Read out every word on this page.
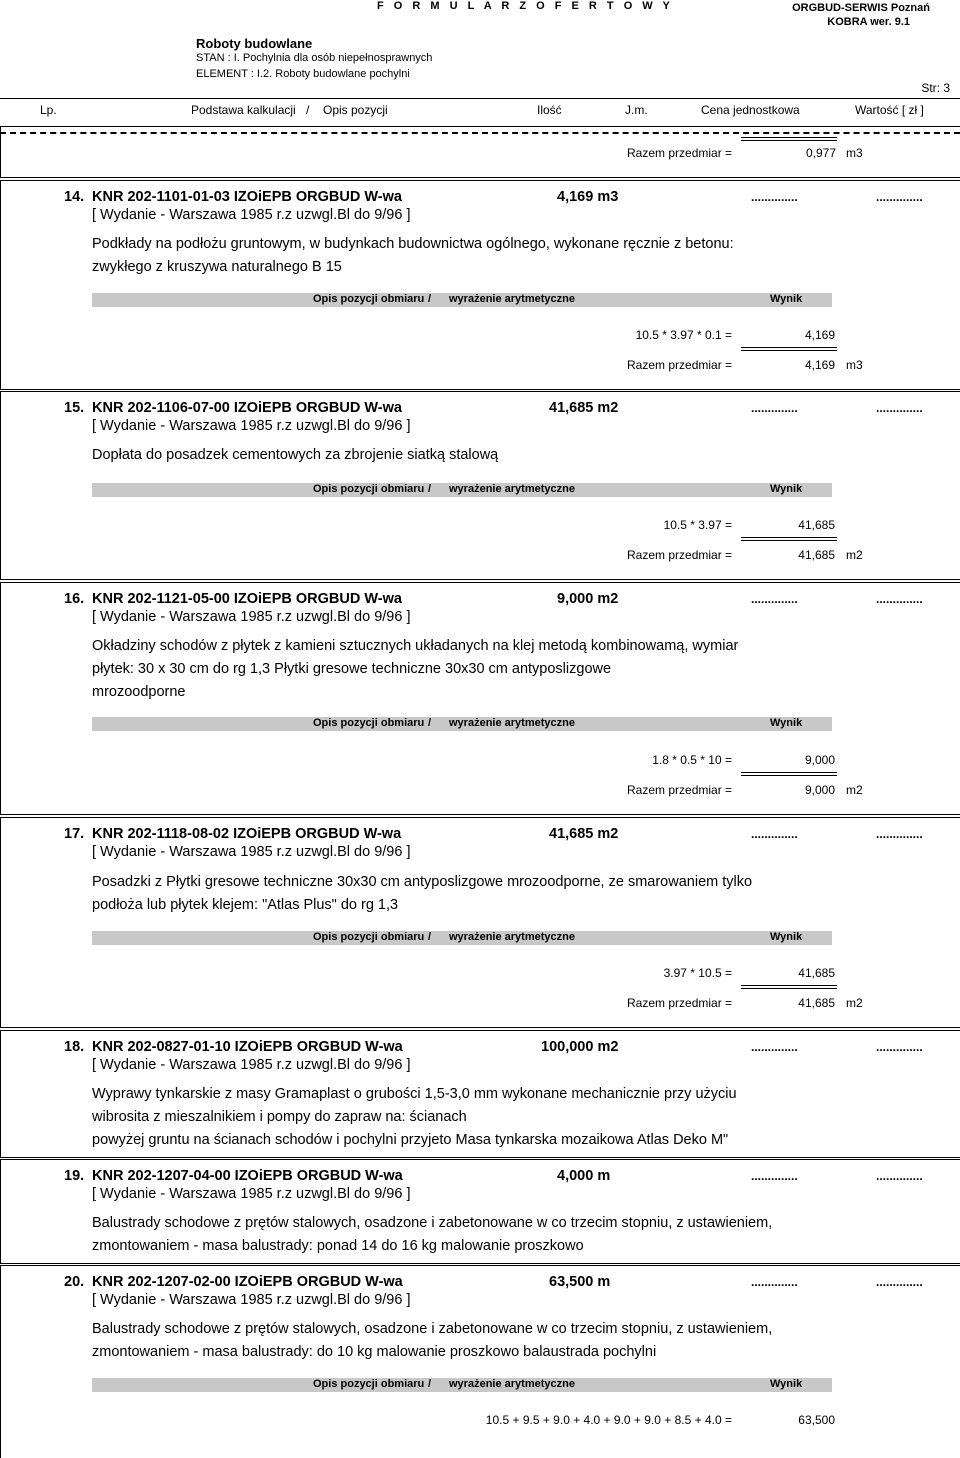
F O R M U L A R Z O F E R T O W Y	ORGBUD-SERWIS Poznań
KOBRA wer. 9.1
Roboty budowlane
STAN : I. Pochylnia dla osób niepełnosprawnych
ELEMENT : I.2. Roboty budowlane pochylni
Str: 3
Lp.	Podstawa kalkulacji / Opis pozycji	Ilość	J.m.	Cena jednostkowa	Wartość [ zł ]
Razem przedmiar =	0,977 m3
14. KNR 202-1101-01-03 IZOiEPB ORGBUD W-wa	4,169 m3	..............	..............
[ Wydanie - Warszawa 1985 r.z uzwgl.Bl do 9/96 ]
Podkłady na podłożu gruntowym, w budynkach budownictwa ogólnego, wykonane ręcznie z betonu:
zwykłego z kruszywa naturalnego B 15
Opis pozycji obmiaru / wyrażenie arytmetyczne	Wynik
10.5 * 3.97 * 0.1 =	4,169
Razem przedmiar =	4,169 m3
15. KNR 202-1106-07-00 IZOiEPB ORGBUD W-wa	41,685 m2	..............	..............
[ Wydanie - Warszawa 1985 r.z uzwgl.Bl do 9/96 ]
Dopłata do posadzek cementowych za zbrojenie siatką stalową
Opis pozycji obmiaru / wyrażenie arytmetyczne	Wynik
10.5 * 3.97 =	41,685
Razem przedmiar =	41,685 m2
16. KNR 202-1121-05-00 IZOiEPB ORGBUD W-wa	9,000 m2	..............	..............
[ Wydanie - Warszawa 1985 r.z uzwgl.Bl do 9/96 ]
Okładziny schodów z płytek z kamieni sztucznych układanych na klej metodą kombinowamą, wymiar
płytek: 30 x 30 cm do rg 1,3 Płytki gresowe techniczne 30x30 cm antyposlizgowe
mrozoodporne
Opis pozycji obmiaru / wyrażenie arytmetyczne	Wynik
1.8 * 0.5 * 10 =	9,000
Razem przedmiar =	9,000 m2
17. KNR 202-1118-08-02 IZOiEPB ORGBUD W-wa	41,685 m2	..............	..............
[ Wydanie - Warszawa 1985 r.z uzwgl.Bl do 9/96 ]
Posadzki z Płytki gresowe techniczne 30x30 cm antyposlizgowe mrozoodporne, ze smarowaniem tylko
podłoża lub płytek klejem: "Atlas Plus" do rg 1,3
Opis pozycji obmiaru / wyrażenie arytmetyczne	Wynik
3.97 * 10.5 =	41,685
Razem przedmiar =	41,685 m2
18. KNR 202-0827-01-10 IZOiEPB ORGBUD W-wa	100,000 m2	..............	..............
[ Wydanie - Warszawa 1985 r.z uzwgl.Bl do 9/96 ]
Wyprawy tynkarskie z masy Gramaplast o grubości 1,5-3,0 mm wykonane mechanicznie przy użyciu
wibrosita z mieszalnikiem i pompy do zapraw na: ścianach
powyżej gruntu na ścianach schodów i pochylni przyjeto Masa tynkarska mozaikowa Atlas Deko M"
19. KNR 202-1207-04-00 IZOiEPB ORGBUD W-wa	4,000 m	..............	..............
[ Wydanie - Warszawa 1985 r.z uzwgl.Bl do 9/96 ]
Balustrady schodowe z prętów stalowych, osadzone i zabetonowane w co trzecim stopniu, z ustawieniem,
zmontowaniem - masa balustrady: ponad 14 do 16 kg malowanie proszkowo
20. KNR 202-1207-02-00 IZOiEPB ORGBUD W-wa	63,500 m	..............	..............
[ Wydanie - Warszawa 1985 r.z uzwgl.Bl do 9/96 ]
Balustrady schodowe z prętów stalowych, osadzone i zabetonowane w co trzecim stopniu, z ustawieniem,
zmontowaniem - masa balustrady: do 10 kg malowanie proszkowo balaustrada pochylni
Opis pozycji obmiaru / wyrażenie arytmetyczne	Wynik
10.5 + 9.5 + 9.0 + 4.0 + 9.0 + 9.0 + 8.5 + 4.0 =	63,500
